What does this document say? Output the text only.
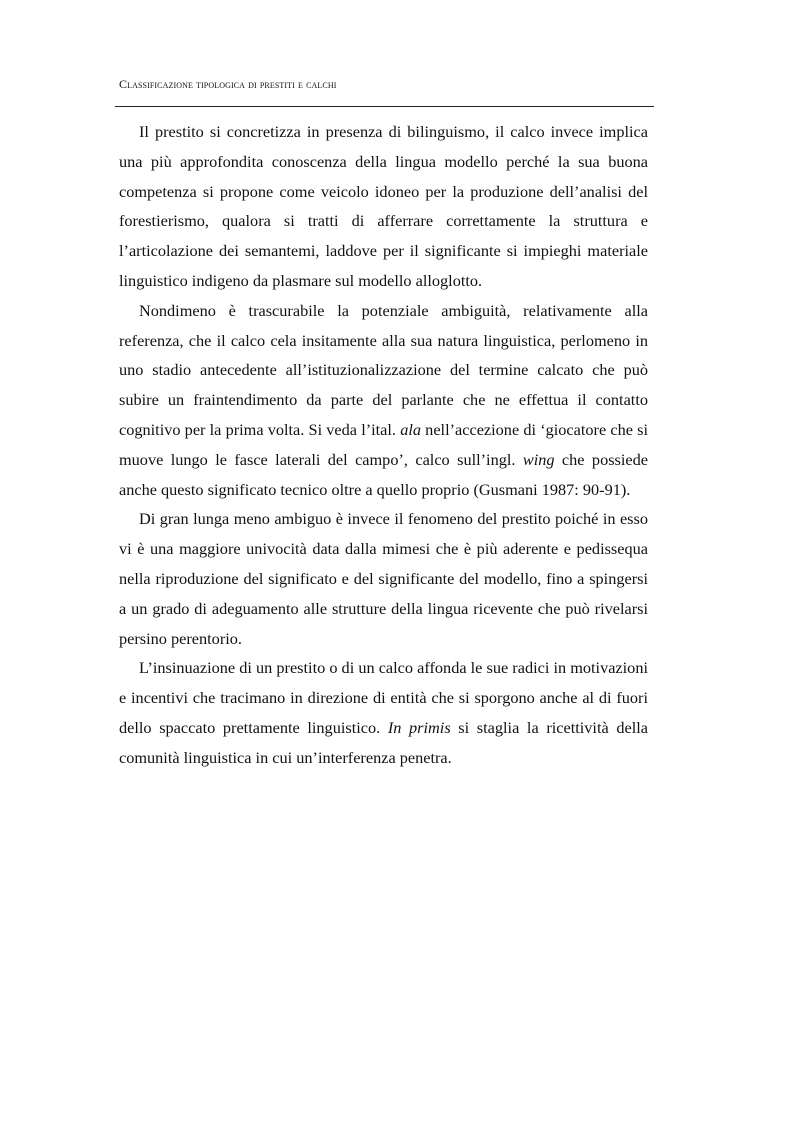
Classificazione tipologica di prestiti e calchi

Il prestito si concretizza in presenza di bilinguismo, il calco invece implica una più approfondita conoscenza della lingua modello perché la sua buona competenza si propone come veicolo idoneo per la produzione dell’analisi del forestierismo, qualora si tratti di afferrare correttamente la struttura e l’articolazione dei semantemi, laddove per il significante si impieghi materiale linguistico indigeno da plasmare sul modello alloglotto.

Nondimeno è trascurabile la potenziale ambiguità, relativamente alla referenza, che il calco cela insitamente alla sua natura linguistica, perlomeno in uno stadio antecedente all’istituzionalizzazione del termine calcato che può subire un fraintendimento da parte del parlante che ne effettua il contatto cognitivo per la prima volta. Si veda l’ital. ala nell’accezione di ‘giocatore che si muove lungo le fasce laterali del campo’, calco sull’ingl. wing che possiede anche questo significato tecnico oltre a quello proprio (Gusmani 1987: 90-91).

Di gran lunga meno ambiguo è invece il fenomeno del prestito poiché in esso vi è una maggiore univocità data dalla mimesi che è più aderente e pedissequa nella riproduzione del significato e del significante del modello, fino a spingersi a un grado di adeguamento alle strutture della lingua ricevente che può rivelarsi persino perentorio.

L’insinuazione di un prestito o di un calco affonda le sue radici in motivazioni e incentivi che tracimano in direzione di entità che si sporgono anche al di fuori dello spaccato prettamente linguistico. In primis si staglia la ricettività della comunità linguistica in cui un’interferenza penetra.
